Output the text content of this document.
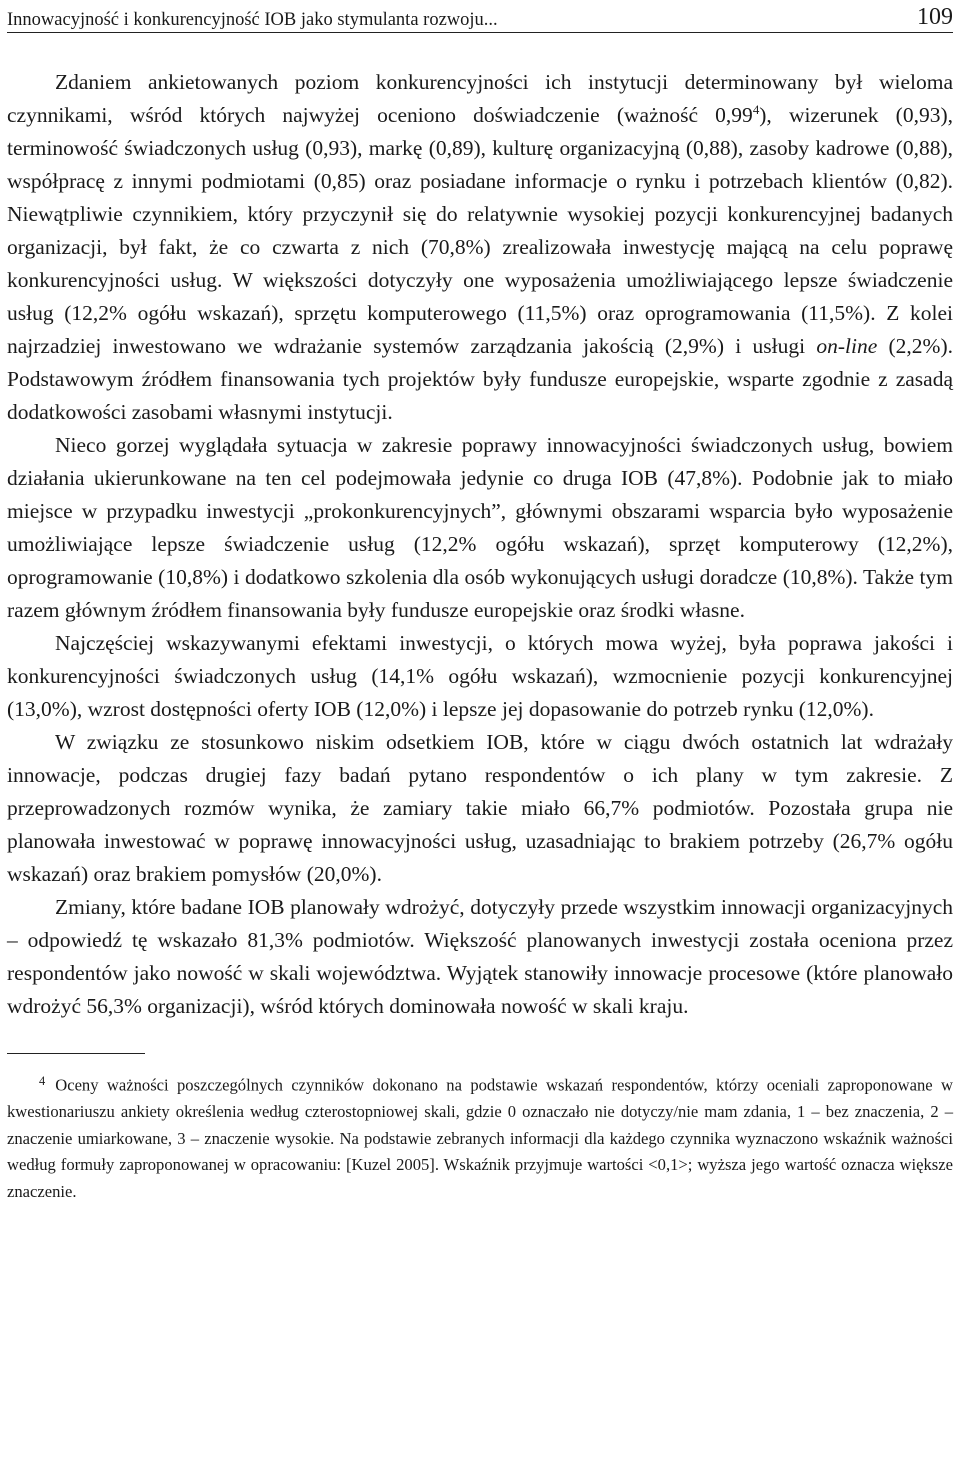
Innowacyjność i konkurencyjność IOB jako stymulanta rozwoju...	109

Zdaniem ankietowanych poziom konkurencyjności ich instytucji determinowany był wieloma czynnikami, wśród których najwyżej oceniono doświadczenie (ważność 0,99$^4$), wizerunek (0,93), terminowość świadczonych usług (0,93), markę (0,89), kulturę organizacyjną (0,88), zasoby kadrowe (0,88), współpracę z innymi podmiotami (0,85) oraz posiadane informacje o rynku i potrzebach klientów (0,82). Niewątpliwie czynnikiem, który przyczynił się do relatywnie wysokiej pozycji konkurencyjnej badanych organizacji, był fakt, że co czwarta z nich (70,8%) zrealizowała inwestycję mającą na celu poprawę konkurencyjności usług. W większości dotyczyły one wyposażenia umożliwiającego lepsze świadczenie usług (12,2% ogółu wskazań), sprzętu komputerowego (11,5%) oraz oprogramowania (11,5%). Z kolei najrzadziej inwestowano we wdrażanie systemów zarządzania jakością (2,9%) i usługi on-line (2,2%). Podstawowym źródłem finansowania tych projektów były fundusze europejskie, wsparte zgodnie z zasadą dodatkowości zasobami własnymi instytucji.

Nieco gorzej wyglądała sytuacja w zakresie poprawy innowacyjności świadczonych usług, bowiem działania ukierunkowane na ten cel podejmowała jedynie co druga IOB (47,8%). Podobnie jak to miało miejsce w przypadku inwestycji „prokonkurencyjnych”, głównymi obszarami wsparcia było wyposażenie umożliwiające lepsze świadczenie usług (12,2% ogółu wskazań), sprzęt komputerowy (12,2%), oprogramowanie (10,8%) i dodatkowo szkolenia dla osób wykonujących usługi doradcze (10,8%). Także tym razem głównym źródłem finansowania były fundusze europejskie oraz środki własne.

Najczęściej wskazywanymi efektami inwestycji, o których mowa wyżej, była poprawa jakości i konkurencyjności świadczonych usług (14,1% ogółu wskazań), wzmocnienie pozycji konkurencyjnej (13,0%), wzrost dostępności oferty IOB (12,0%) i lepsze jej dopasowanie do potrzeb rynku (12,0%).

W związku ze stosunkowo niskim odsetkiem IOB, które w ciągu dwóch ostatnich lat wdrażały innowacje, podczas drugiej fazy badań pytano respondentów o ich plany w tym zakresie. Z przeprowadzonych rozmów wynika, że zamiary takie miało 66,7% podmiotów. Pozostała grupa nie planowała inwestować w poprawę innowacyjności usług, uzasadniając to brakiem potrzeby (26,7% ogółu wskazań) oraz brakiem pomysłów (20,0%).

Zmiany, które badane IOB planowały wdrożyć, dotyczyły przede wszystkim innowacji organizacyjnych – odpowiedź tę wskazało 81,3% podmiotów. Większość planowanych inwestycji została oceniona przez respondentów jako nowość w skali województwa. Wyjątek stanowiły innowacje procesowe (które planowało wdrożyć 56,3% organizacji), wśród których dominowała nowość w skali kraju.

$^4$ Oceny ważności poszczególnych czynników dokonano na podstawie wskazań respondentów, którzy oceniali zaproponowane w kwestionariuszu ankiety określenia według czterostopniowej skali, gdzie 0 oznaczało nie dotyczy/nie mam zdania, 1 – bez znaczenia, 2 – znaczenie umiarkowane, 3 – znaczenie wysokie. Na podstawie zebranych informacji dla każdego czynnika wyznaczono wskaźnik ważności według formuły zaproponowanej w opracowaniu: [Kuzel 2005]. Wskaźnik przyjmuje wartości <0,1>; wyższa jego wartość oznacza większe znaczenie.
